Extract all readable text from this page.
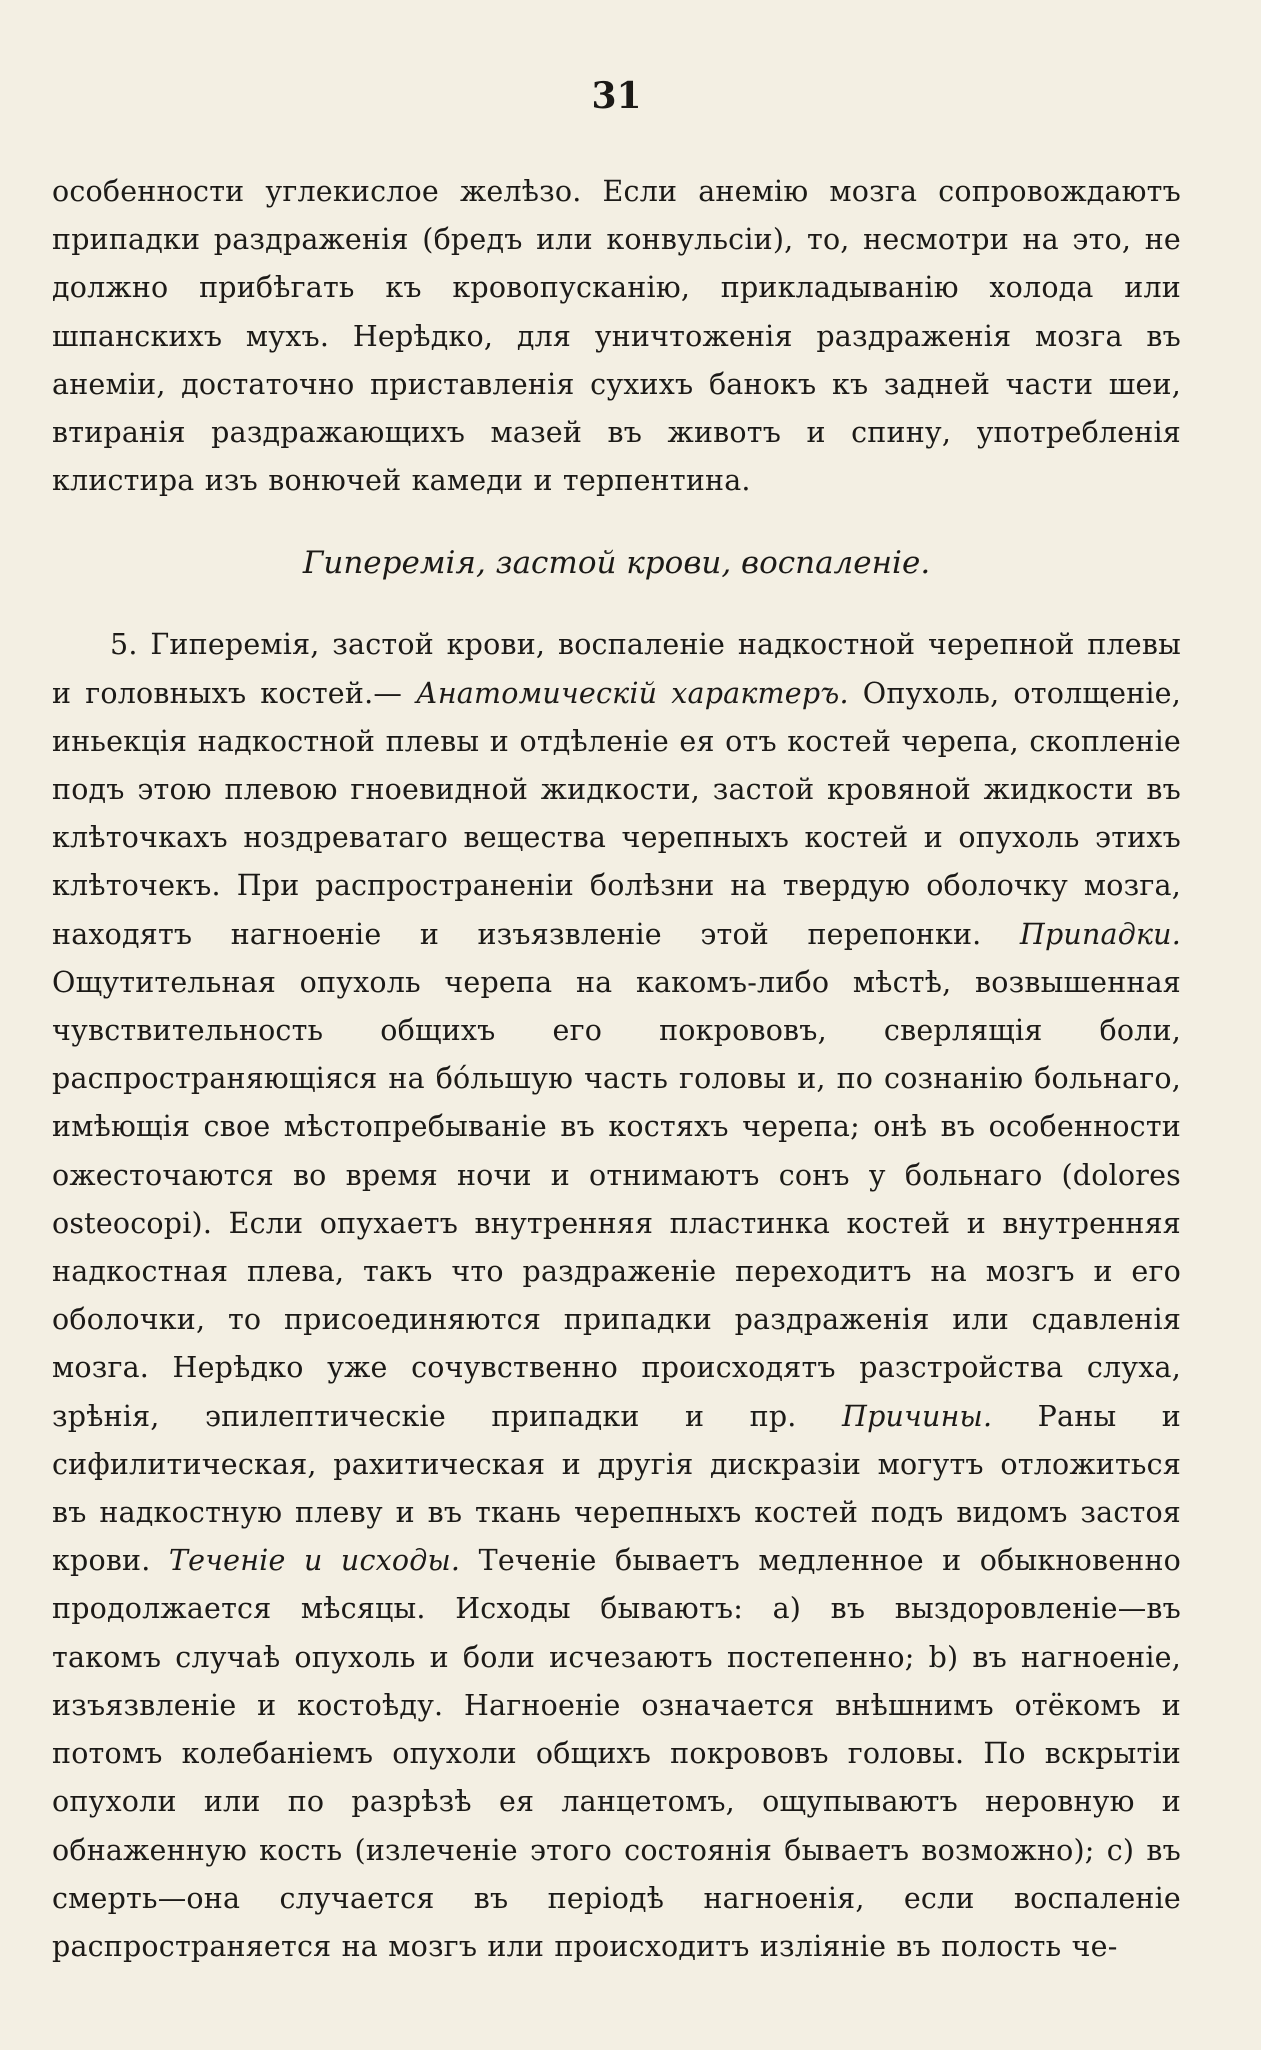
31

особенности углекислое желѣзо. Если анемію мозга сопровождаютъ припадки раздраженія (бредъ или конвульсіи), то, несмотри на это, не должно прибѣгать къ кровопусканію, прикладыванію холода или шпанскихъ мухъ. Нерѣдко, для уничтоженія раздраженія мозга въ анеміи, достаточно приставленія сухихъ банокъ къ задней части шеи, втиранія раздражающихъ мазей въ животъ и спину, употребленія клистира изъ вонючей камеди и терпентина.

Гиперемія, застой крови, воспаленіе.

5. Гиперемія, застой крови, воспаленіе надкостной черепной плевы и головныхъ костей.— Анатомическій характеръ. Опухоль, отолщеніе, иньекція надкостной плевы и отдѣленіе ея отъ костей черепа, скопленіе подъ этою плевою гноевидной жидкости, застой кровяной жидкости въ клѣточкахъ ноздреватаго вещества черепныхъ костей и опухоль этихъ клѣточекъ. При распространеніи болѣзни на твердую оболочку мозга, находятъ нагноеніе и изъязвленіе этой перепонки. Припадки. Ощутительная опухоль черепа на какомъ-либо мѣстѣ, возвышенная чувствительность общихъ его покрововъ, сверлящія боли, распространяющіяся на бо́льшую часть головы и, по сознанію больнаго, имѣющія свое мѣстопребываніе въ костяхъ черепа; онѣ въ особенности ожесточаются во время ночи и отнимаютъ сонъ у больнаго (dolores osteocopi). Если опухаетъ внутренняя пластинка костей и внутренняя надкостная плева, такъ что раздраженіе переходитъ на мозгъ и его оболочки, то присоединяются припадки раздраженія или сдавленія мозга. Нерѣдко уже сочувственно происходятъ разстройства слуха, зрѣнія, эпилептическіе припадки и пр. Причины. Раны и сифилитическая, рахитическая и другія дискразіи могутъ отложиться въ надкостную плеву и въ ткань черепныхъ костей подъ видомъ застоя крови. Теченіе и исходы. Теченіе бываетъ медленное и обыкновенно продолжается мѣсяцы. Исходы бываютъ: а) въ выздоровленіе—въ такомъ случаѣ опухоль и боли исчезаютъ постепенно; b) въ нагноеніе, изъязвленіе и костоѣду. Нагноеніе означается внѣшнимъ отёкомъ и потомъ колебаніемъ опухоли общихъ покрововъ головы. По вскрытіи опухоли или по разрѣзѣ ея ланцетомъ, ощупываютъ неровную и обнаженную кость (излеченіе этого состоянія бываетъ возможно); с) въ смерть—она случается въ періодѣ нагноенія, если воспаленіе распространяется на мозгъ или происходитъ изліяніе въ полость че-
